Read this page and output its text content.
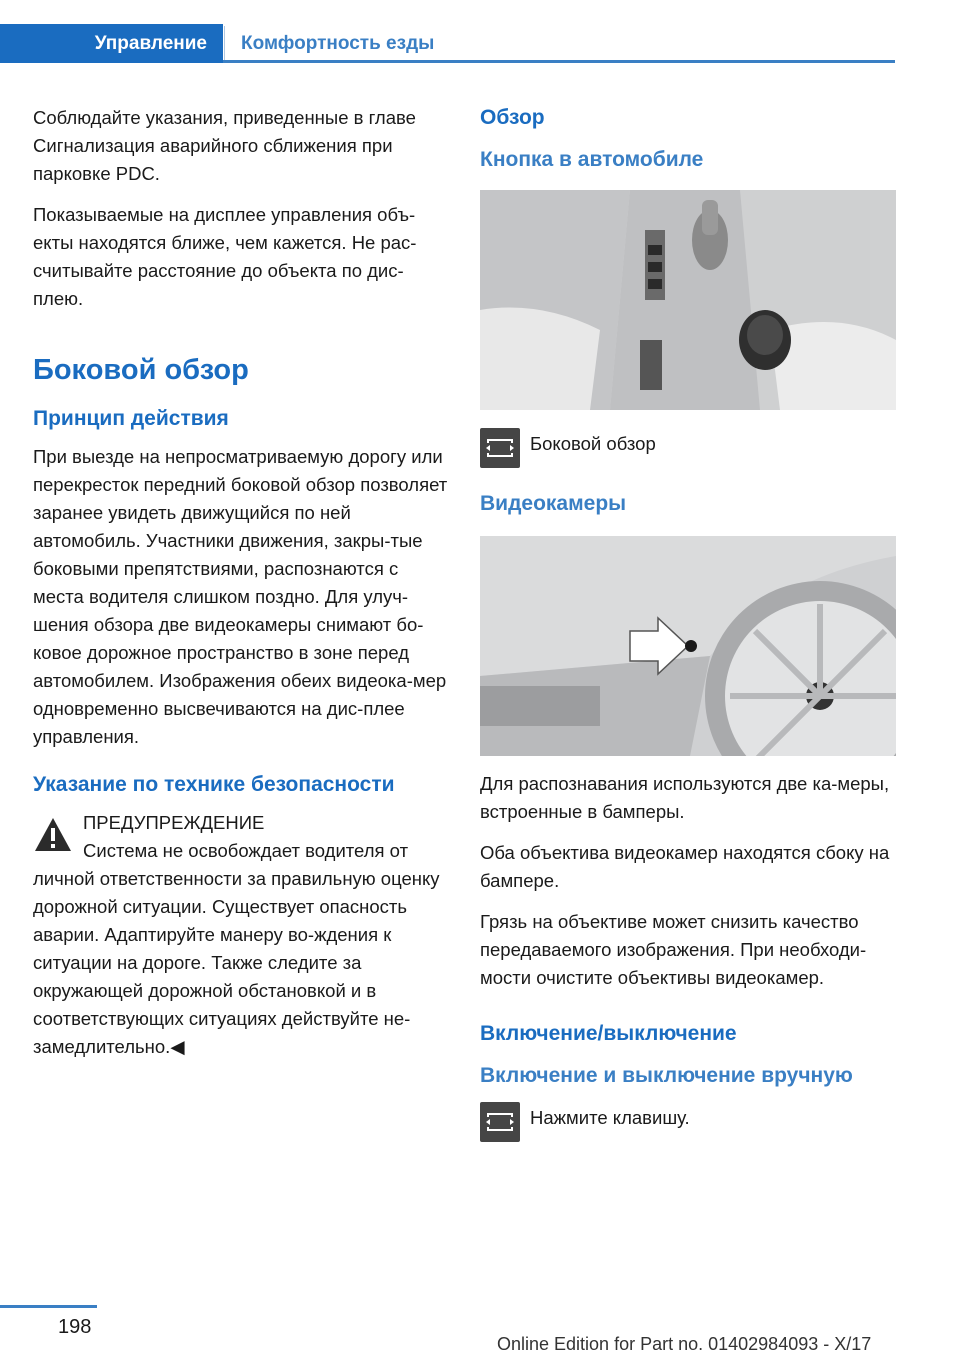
Управление	Комфортность езды

Соблюдайте указания, приведенные в главе Сигнализация аварийного сближения при парковке PDC.

Показываемые на дисплее управления объ‐екты находятся ближе, чем кажется. Не рас‐считывайте расстояние до объекта по дис‐плею.

Боковой обзор
Принцип действия

При выезде на непросматриваемую дорогу или перекресток передний боковой обзор позволяет заранее увидеть движущийся по ней автомобиль. Участники движения, закры‐тые боковыми препятствиями, распознаются с места водителя слишком поздно. Для улуч‐шения обзора две видеокамеры снимают бо‐ковое дорожное пространство в зоне перед автомобилем. Изображения обеих видеока‐мер одновременно высвечиваются на дис‐плее управления.

Указание по технике безопасности
ПРЕДУПРЕЖДЕНИЕ

Система не освобождает водителя от личной ответственности за правильную оценку дорожной ситуации. Существует опасность аварии. Адаптируйте манеру во‐ждения к ситуации на дороге. Также следите за окружающей дорожной обстановкой и в соответствующих ситуациях действуйте не‐замедлительно.◀

Обзор
Кнопка в автомобиле
Боковой обзор
Видеокамеры

Для распознавания используются две ка‐меры, встроенные в бамперы.

Оба объектива видеокамер находятся сбоку на бампере.

Грязь на объективе может снизить качество передаваемого изображения. При необходи‐мости очистите объективы видеокамер.

Включение/выключение
Включение и выключение вручную
Нажмите клавишу.
198
Online Edition for Part no. 01402984093 - X/17
